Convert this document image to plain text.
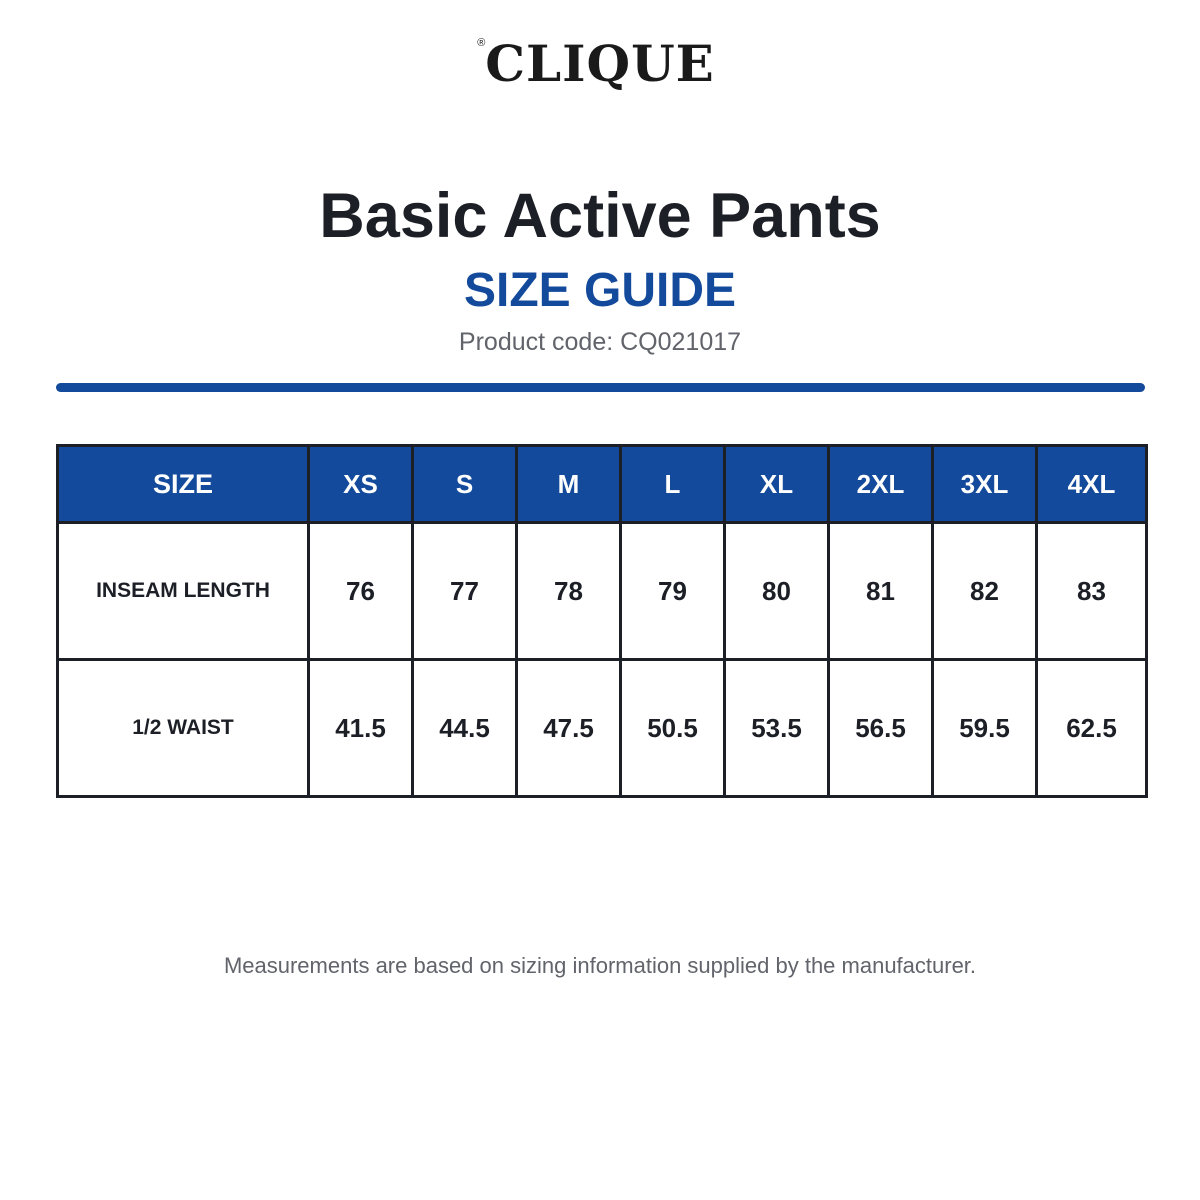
®
CLIQUE
Basic Active Pants
SIZE GUIDE
Product code: CQ021017
SIZE	XS	S	M	L	XL	2XL	3XL	4XL
INSEAM LENGTH	76	77	78	79	80	81	82	83
1/2 WAIST	41.5	44.5	47.5	50.5	53.5	56.5	59.5	62.5
Measurements are based on sizing information supplied by the manufacturer.
